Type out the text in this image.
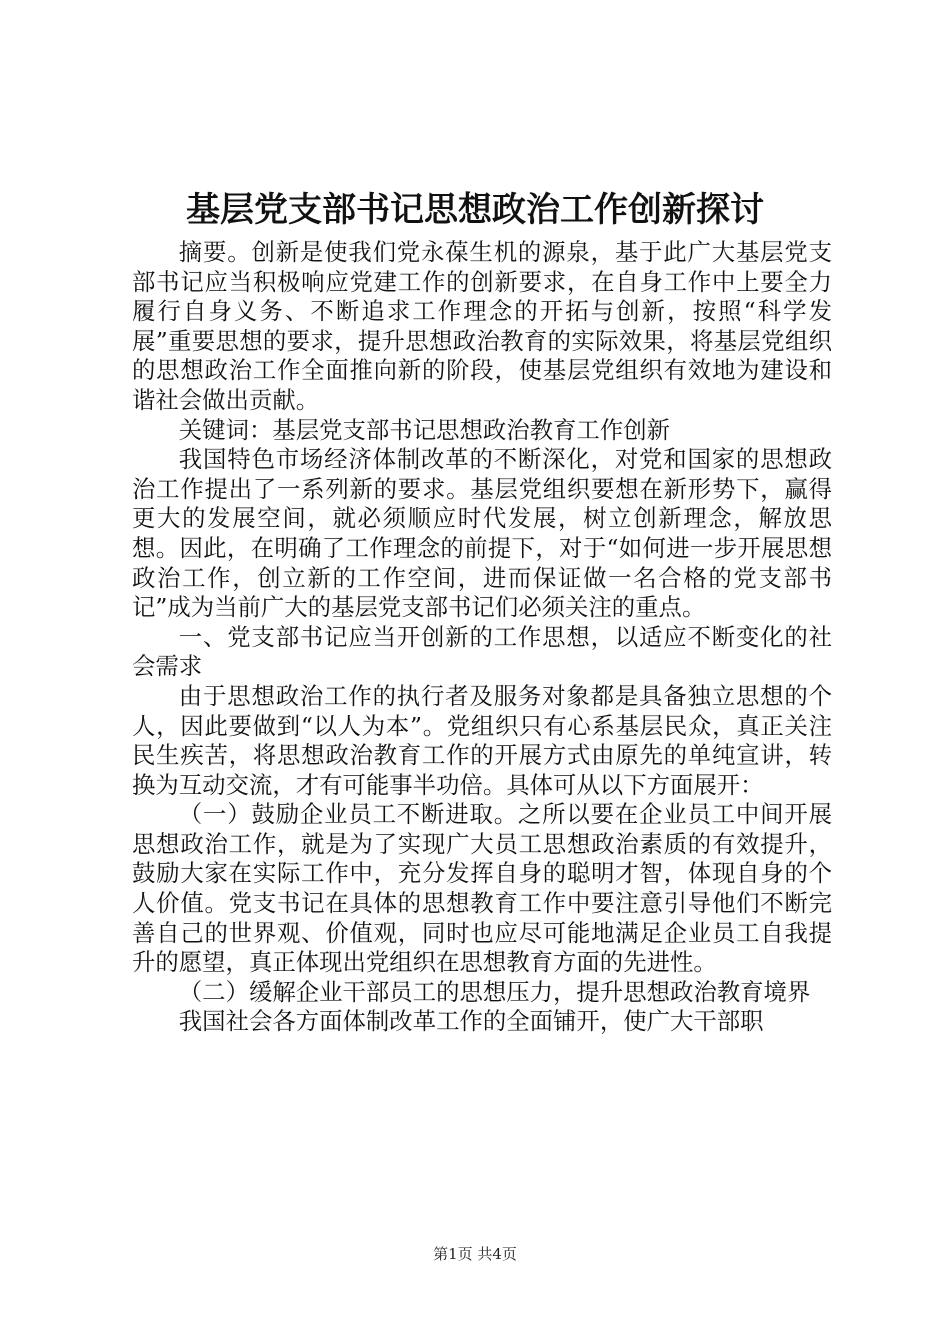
基层党支部书记思想政治工作创新探讨

摘要。创新是使我们党永葆生机的源泉，基于此广大基层党支部书记应当积极响应党建工作的创新要求，在自身工作中上要全力履行自身义务、不断追求工作理念的开拓与创新，按照“科学发展”重要思想的要求，提升思想政治教育的实际效果，将基层党组织的思想政治工作全面推向新的阶段，使基层党组织有效地为建设和谐社会做出贡献。

关键词：基层党支部书记思想政治教育工作创新

我国特色市场经济体制改革的不断深化，对党和国家的思想政治工作提出了一系列新的要求。基层党组织要想在新形势下，赢得更大的发展空间，就必须顺应时代发展，树立创新理念，解放思想。因此，在明确了工作理念的前提下，对于“如何进一步开展思想政治工作，创立新的工作空间，进而保证做一名合格的党支部书记”成为当前广大的基层党支部书记们必须关注的重点。

一、党支部书记应当开创新的工作思想，以适应不断变化的社会需求

由于思想政治工作的执行者及服务对象都是具备独立思想的个人，因此要做到“以人为本”。党组织只有心系基层民众，真正关注民生疾苦，将思想政治教育工作的开展方式由原先的单纯宣讲，转换为互动交流，才有可能事半功倍。具体可从以下方面展开：

（一）鼓励企业员工不断进取。之所以要在企业员工中间开展思想政治工作，就是为了实现广大员工思想政治素质的有效提升，鼓励大家在实际工作中，充分发挥自身的聪明才智，体现自身的个人价值。党支书记在具体的思想教育工作中要注意引导他们不断完善自己的世界观、价值观，同时也应尽可能地满足企业员工自我提升的愿望，真正体现出党组织在思想教育方面的先进性。

（二）缓解企业干部员工的思想压力，提升思想政治教育境界

我国社会各方面体制改革工作的全面铺开，使广大干部职

第1页 共4页
